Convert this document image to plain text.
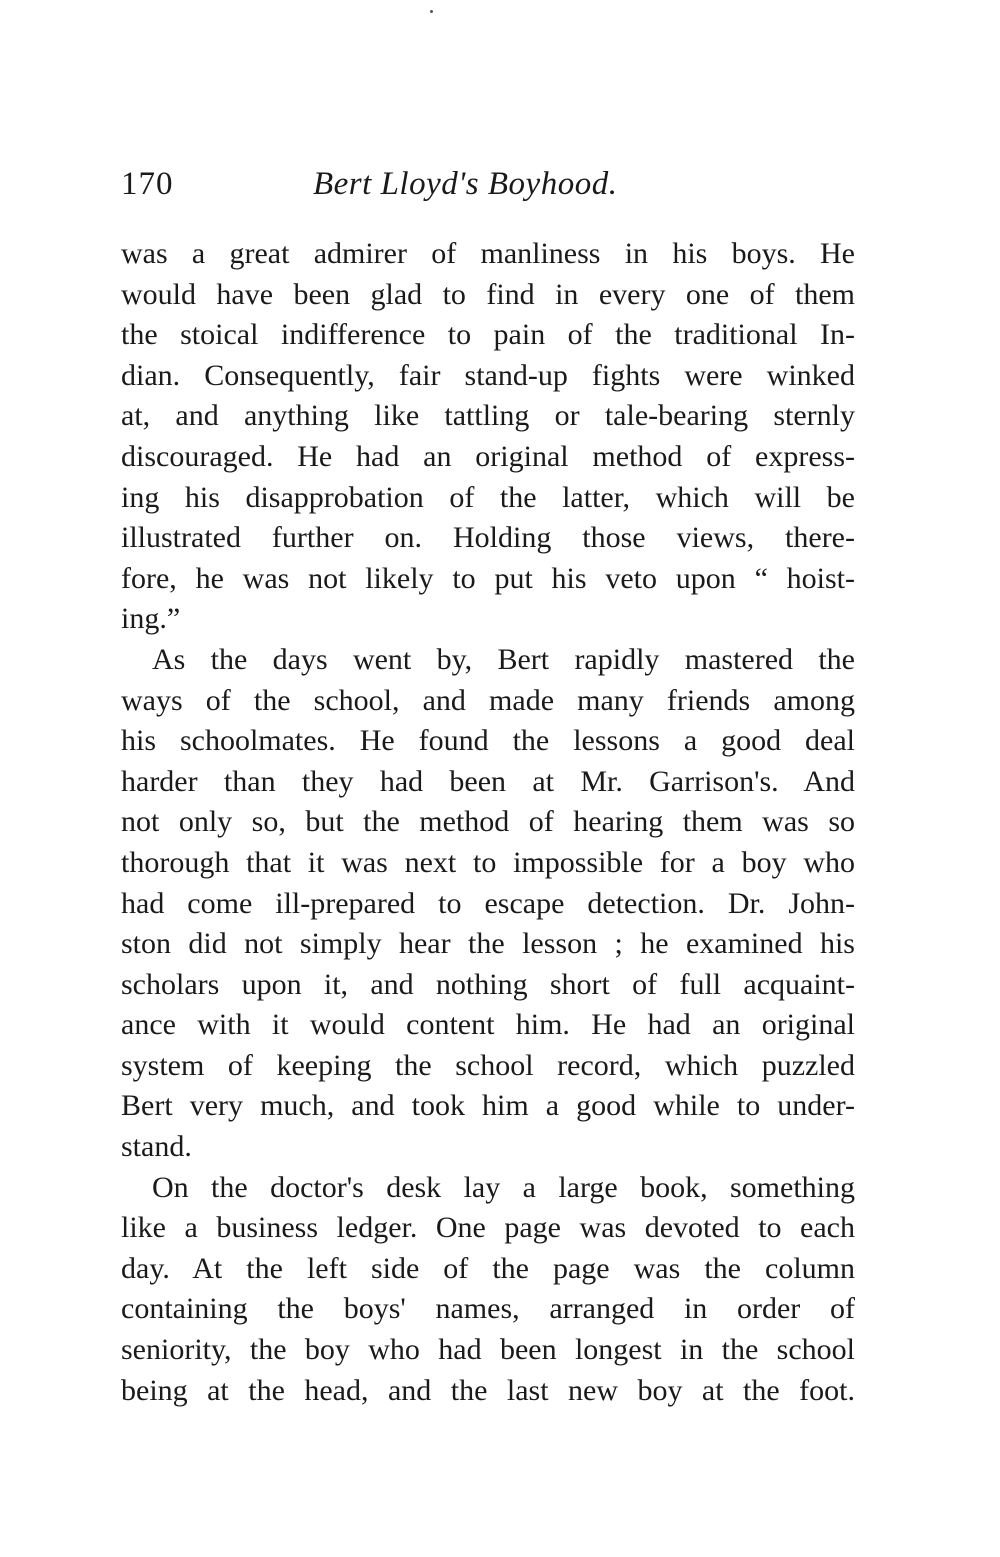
170	Bert Lloyd's Boyhood.
was a great admirer of manliness in his boys. He
would have been glad to find in every one of them
the stoical indifference to pain of the traditional In-
dian. Consequently, fair stand-up fights were winked
at, and anything like tattling or tale-bearing sternly
discouraged. He had an original method of express-
ing his disapprobation of the latter, which will be
illustrated further on. Holding those views, there-
fore, he was not likely to put his veto upon “ hoist-
ing.”
As the days went by, Bert rapidly mastered the
ways of the school, and made many friends among
his schoolmates. He found the lessons a good deal
harder than they had been at Mr. Garrison's. And
not only so, but the method of hearing them was so
thorough that it was next to impossible for a boy who
had come ill-prepared to escape detection. Dr. John-
ston did not simply hear the lesson ; he examined his
scholars upon it, and nothing short of full acquaint-
ance with it would content him. He had an original
system of keeping the school record, which puzzled
Bert very much, and took him a good while to under-
stand.
On the doctor's desk lay a large book, something
like a business ledger. One page was devoted to each
day. At the left side of the page was the column
containing the boys' names, arranged in order of
seniority, the boy who had been longest in the school
being at the head, and the last new boy at the foot.
